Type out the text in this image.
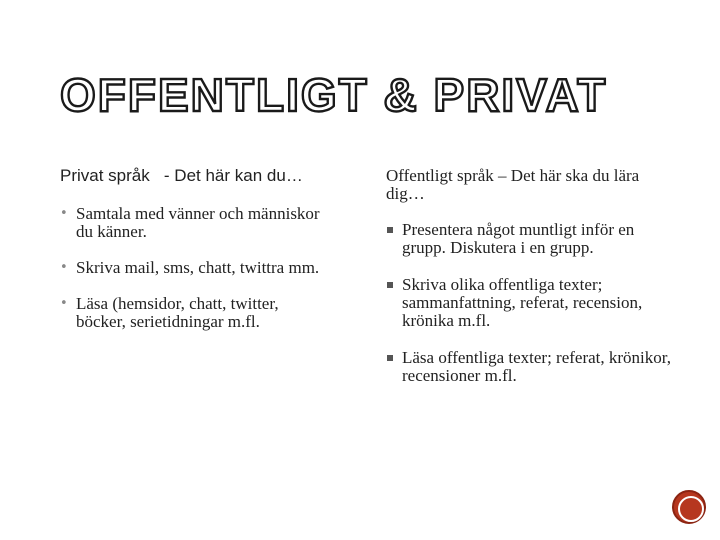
OFFENTLIGT & PRIVAT
Privat språk   - Det här kan du…
• Samtala med vänner och människor du känner.
• Skriva mail, sms, chatt, twittra mm.
• Läsa (hemsidor, chatt, twitter, böcker, serietidningar m.fl.
Offentligt språk – Det här ska du lära dig…
Presentera något muntligt inför en grupp. Diskutera i en grupp.
Skriva olika offentliga texter; sammanfattning, referat, recension, krönika m.fl.
Läsa offentliga texter; referat, krönikor, recensioner m.fl.
